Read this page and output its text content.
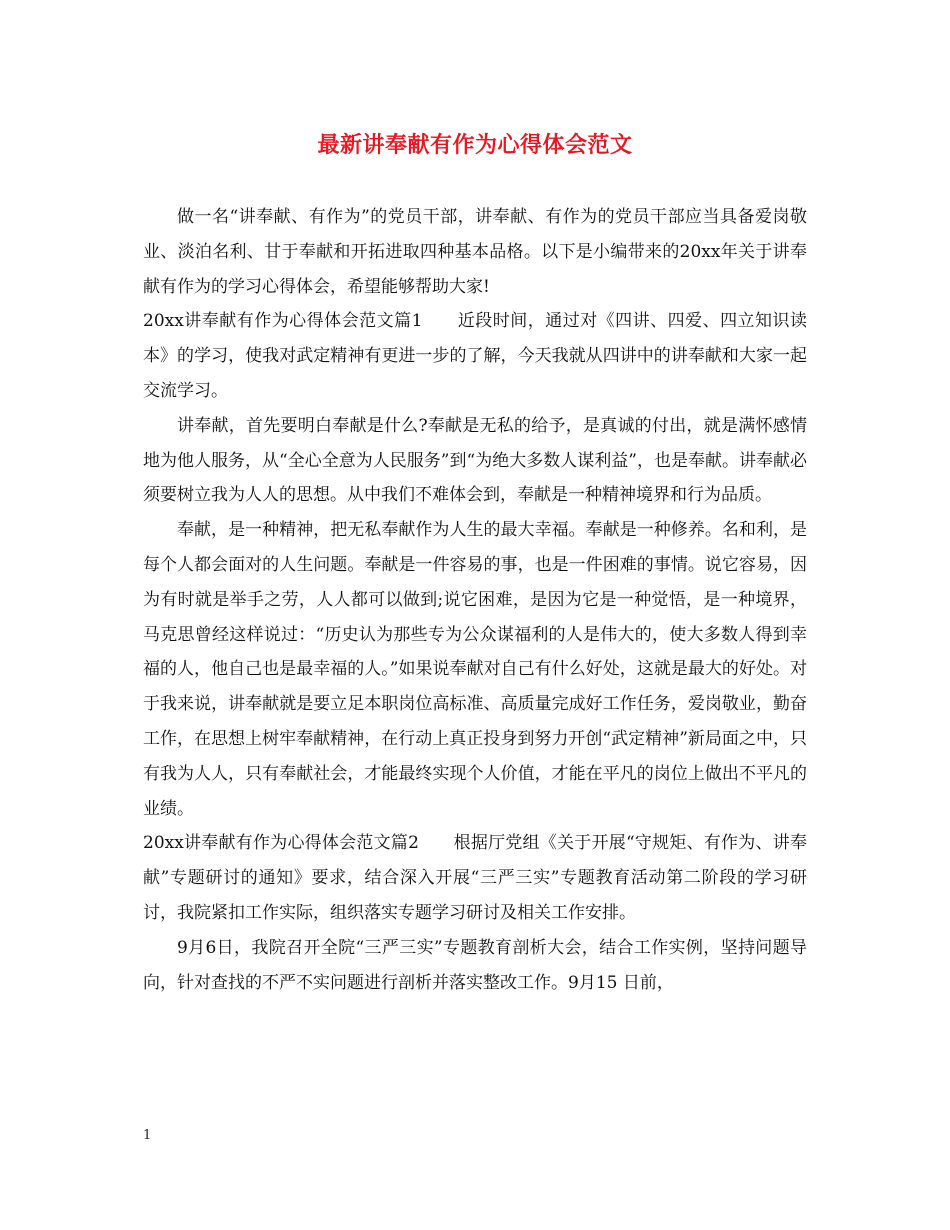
最新讲奉献有作为心得体会范文

做一名“讲奉献、有作为”的党员干部，讲奉献、有作为的党员干部应当具备爱岗敬业、淡泊名利、甘于奉献和开拓进取四种基本品格。以下是小编带来的20xx年关于讲奉献有作为的学习心得体会，希望能够帮助大家!

20xx讲奉献有作为心得体会范文篇1　　近段时间，通过对《四讲、四爱、四立知识读本》的学习，使我对武定精神有更进一步的了解，今天我就从四讲中的讲奉献和大家一起交流学习。

讲奉献，首先要明白奉献是什么?奉献是无私的给予，是真诚的付出，就是满怀感情地为他人服务，从“全心全意为人民服务”到“为绝大多数人谋利益”，也是奉献。讲奉献必须要树立我为人人的思想。从中我们不难体会到，奉献是一种精神境界和行为品质。

奉献，是一种精神，把无私奉献作为人生的最大幸福。奉献是一种修养。名和利，是每个人都会面对的人生问题。奉献是一件容易的事，也是一件困难的事情。说它容易，因为有时就是举手之劳，人人都可以做到;说它困难，是因为它是一种觉悟，是一种境界，马克思曾经这样说过：“历史认为那些专为公众谋福利的人是伟大的，使大多数人得到幸福的人，他自己也是最幸福的人。”如果说奉献对自己有什么好处，这就是最大的好处。对于我来说，讲奉献就是要立足本职岗位高标准、高质量完成好工作任务，爱岗敬业，勤奋工作，在思想上树牢奉献精神，在行动上真正投身到努力开创“武定精神”新局面之中，只有我为人人，只有奉献社会，才能最终实现个人价值，才能在平凡的岗位上做出不平凡的业绩。

20xx讲奉献有作为心得体会范文篇2　　根据厅党组《关于开展“守规矩、有作为、讲奉献”专题研讨的通知》要求，结合深入开展“三严三实”专题教育活动第二阶段的学习研讨，我院紧扣工作实际，组织落实专题学习研讨及相关工作安排。

9月6日，我院召开全院“三严三实”专题教育剖析大会，结合工作实例，坚持问题导向，针对查找的不严不实问题进行剖析并落实整改工作。9月15 日前，

1
